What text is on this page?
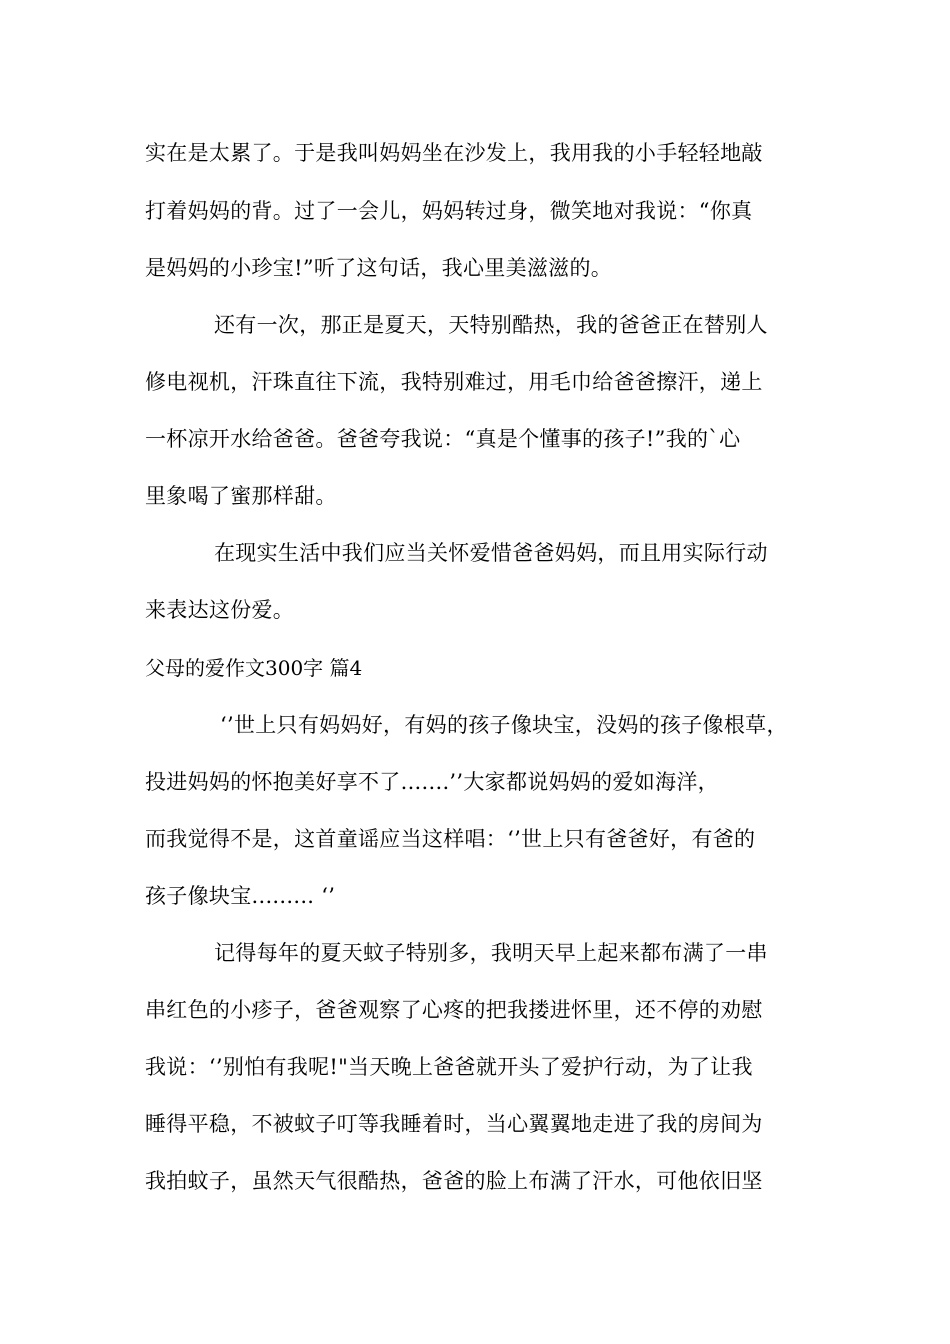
实在是太累了。于是我叫妈妈坐在沙发上，我用我的小手轻轻地敲
打着妈妈的背。过了一会儿，妈妈转过身，微笑地对我说：“你真
是妈妈的小珍宝!”听了这句话，我心里美滋滋的。
还有一次，那正是夏天，天特别酷热，我的爸爸正在替别人
修电视机，汗珠直往下流，我特别难过，用毛巾给爸爸擦汗，递上
一杯凉开水给爸爸。爸爸夸我说：“真是个懂事的孩子!”我的`心
里象喝了蜜那样甜。
在现实生活中我们应当关怀爱惜爸爸妈妈，而且用实际行动
来表达这份爱。
父母的爱作文300字 篇4
‘’世上只有妈妈好，有妈的孩子像块宝，没妈的孩子像根草，
投进妈妈的怀抱美好享不了.......’’大家都说妈妈的爱如海洋，
而我觉得不是，这首童谣应当这样唱：‘’世上只有爸爸好，有爸的
孩子像块宝......... ‘’
记得每年的夏天蚊子特别多，我明天早上起来都布满了一串
串红色的小疹子，爸爸观察了心疼的把我搂进怀里，还不停的劝慰
我说：‘’别怕有我呢!"当天晚上爸爸就开头了爱护行动，为了让我
睡得平稳，不被蚊子叮等我睡着时，当心翼翼地走进了我的房间为
我拍蚊子，虽然天气很酷热，爸爸的脸上布满了汗水，可他依旧坚
